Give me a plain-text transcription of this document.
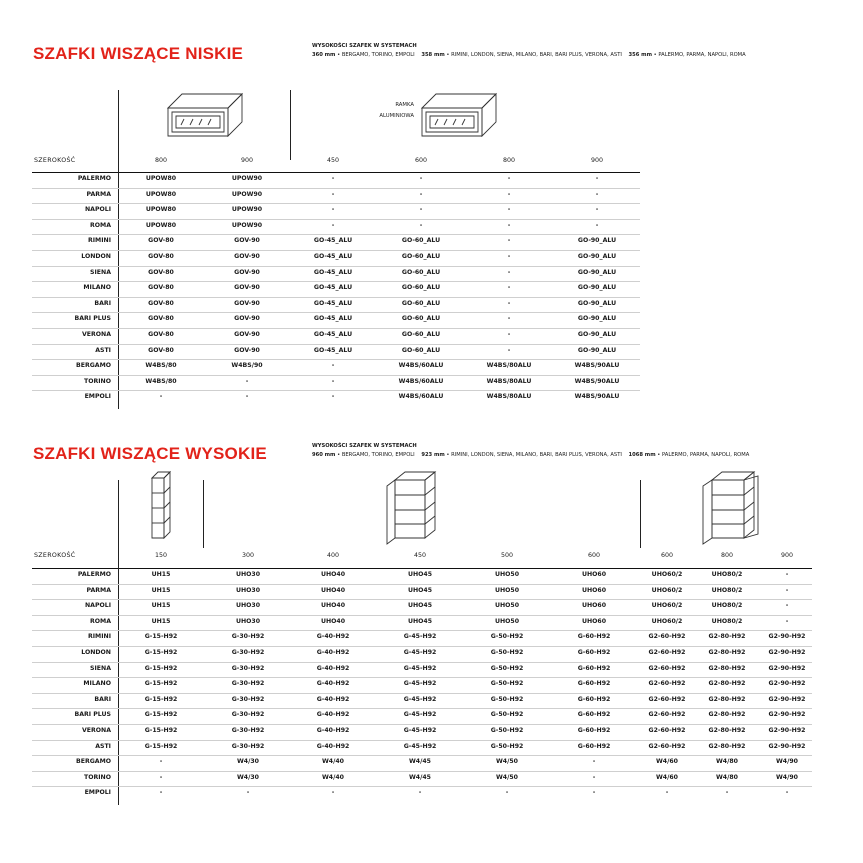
SZAFKI WISZĄCE NISKIE	WYSOKOŚCI SZAFEK W SYSTEMACH
360 mm • BERGAMO, TORINO, EMPOLI 358 mm • RIMINI, LONDON, SIENA, MILANO, BARI, BARI PLUS, VERONA, ASTI 356 mm • PALERMO, PARMA, NAPOLI, ROMA
RAMKA
ALUMINIOWA
SZEROKOŚĆ	800	900	450	600	800	900
PALERMO	UPOW80	UPOW90	-	-	-	-
PARMA	UPOW80	UPOW90	-	-	-	-
NAPOLI	UPOW80	UPOW90	-	-	-	-
ROMA	UPOW80	UPOW90	-	-	-	-
RIMINI	GOV-80	GOV-90	GO-45_ALU	GO-60_ALU	-	GO-90_ALU
LONDON	GOV-80	GOV-90	GO-45_ALU	GO-60_ALU	-	GO-90_ALU
SIENA	GOV-80	GOV-90	GO-45_ALU	GO-60_ALU	-	GO-90_ALU
MILANO	GOV-80	GOV-90	GO-45_ALU	GO-60_ALU	-	GO-90_ALU
BARI	GOV-80	GOV-90	GO-45_ALU	GO-60_ALU	-	GO-90_ALU
BARI PLUS	GOV-80	GOV-90	GO-45_ALU	GO-60_ALU	-	GO-90_ALU
VERONA	GOV-80	GOV-90	GO-45_ALU	GO-60_ALU	-	GO-90_ALU
ASTI	GOV-80	GOV-90	GO-45_ALU	GO-60_ALU	-	GO-90_ALU
BERGAMO	W4BS/80	W4BS/90	-	W4BS/60ALU	W4BS/80ALU	W4BS/90ALU
TORINO	W4BS/80	-	-	W4BS/60ALU	W4BS/80ALU	W4BS/90ALU
EMPOLI	-	-	-	W4BS/60ALU	W4BS/80ALU	W4BS/90ALU
SZAFKI WISZĄCE WYSOKIE	WYSOKOŚCI SZAFEK W SYSTEMACH
960 mm • BERGAMO, TORINO, EMPOLI 923 mm • RIMINI, LONDON, SIENA, MILANO, BARI, BARI PLUS, VERONA, ASTI 1068 mm • PALERMO, PARMA, NAPOLI, ROMA
SZEROKOŚĆ	150	300	400	450	500	600	600	800	900
PALERMO	UH15	UHO30	UHO40	UHO45	UHO50	UHO60	UHO60/2	UHO80/2	-
PARMA	UH15	UHO30	UHO40	UHO45	UHO50	UHO60	UHO60/2	UHO80/2	-
NAPOLI	UH15	UHO30	UHO40	UHO45	UHO50	UHO60	UHO60/2	UHO80/2	-
ROMA	UH15	UHO30	UHO40	UHO45	UHO50	UHO60	UHO60/2	UHO80/2	-
RIMINI	G-15-H92	G-30-H92	G-40-H92	G-45-H92	G-50-H92	G-60-H92	G2-60-H92	G2-80-H92	G2-90-H92
LONDON	G-15-H92	G-30-H92	G-40-H92	G-45-H92	G-50-H92	G-60-H92	G2-60-H92	G2-80-H92	G2-90-H92
SIENA	G-15-H92	G-30-H92	G-40-H92	G-45-H92	G-50-H92	G-60-H92	G2-60-H92	G2-80-H92	G2-90-H92
MILANO	G-15-H92	G-30-H92	G-40-H92	G-45-H92	G-50-H92	G-60-H92	G2-60-H92	G2-80-H92	G2-90-H92
BARI	G-15-H92	G-30-H92	G-40-H92	G-45-H92	G-50-H92	G-60-H92	G2-60-H92	G2-80-H92	G2-90-H92
BARI PLUS	G-15-H92	G-30-H92	G-40-H92	G-45-H92	G-50-H92	G-60-H92	G2-60-H92	G2-80-H92	G2-90-H92
VERONA	G-15-H92	G-30-H92	G-40-H92	G-45-H92	G-50-H92	G-60-H92	G2-60-H92	G2-80-H92	G2-90-H92
ASTI	G-15-H92	G-30-H92	G-40-H92	G-45-H92	G-50-H92	G-60-H92	G2-60-H92	G2-80-H92	G2-90-H92
BERGAMO	-	W4/30	W4/40	W4/45	W4/50	-	W4/60	W4/80	W4/90
TORINO	-	W4/30	W4/40	W4/45	W4/50	-	W4/60	W4/80	W4/90
EMPOLI	-	-	-	-	-	-	-	-	-
